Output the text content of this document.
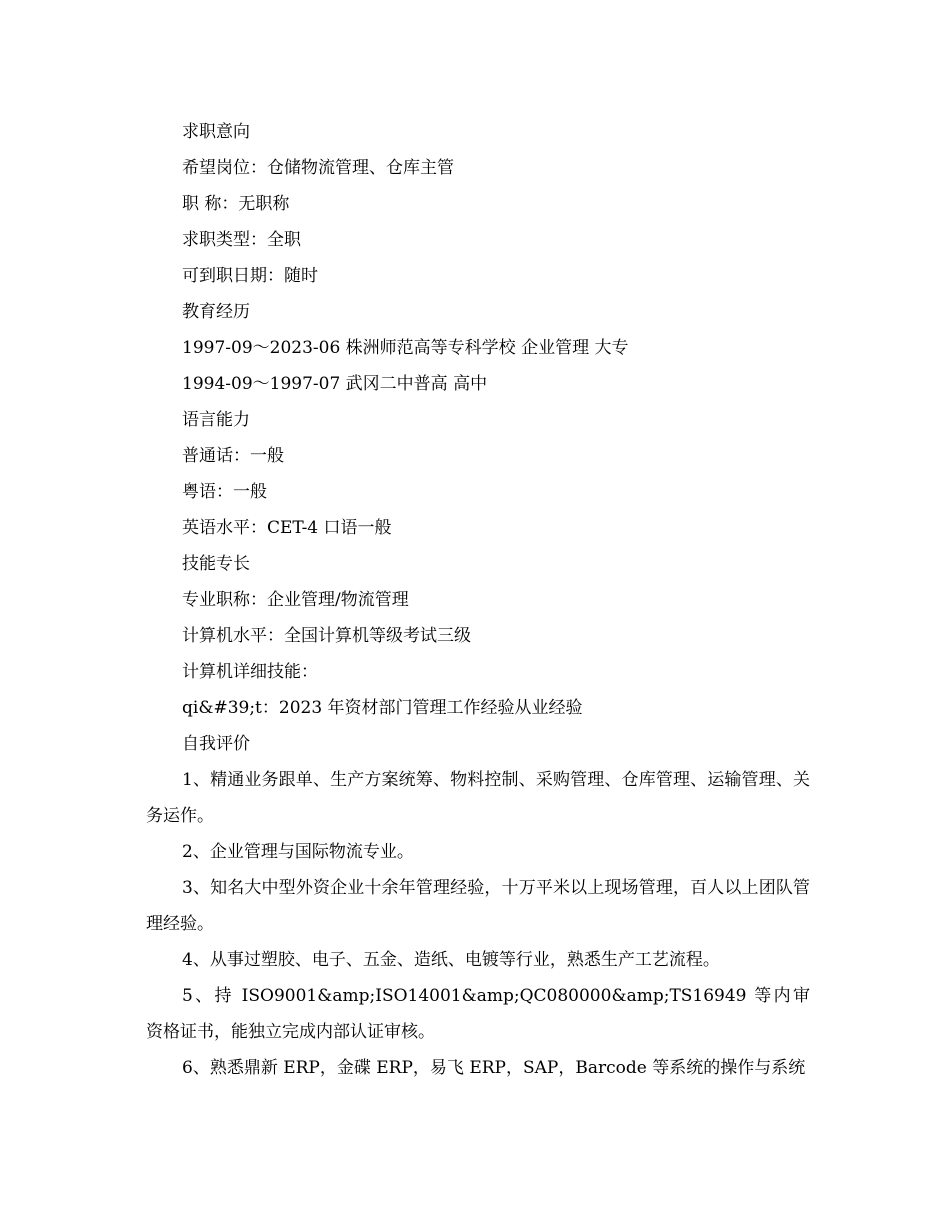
求职意向
希望岗位：仓储物流管理、仓库主管
职 称：无职称
求职类型：全职
可到职日期：随时
教育经历
1997-09～2023-06 株洲师范高等专科学校 企业管理 大专
1994-09～1997-07 武冈二中普高 高中
语言能力
普通话：一般
粤语：一般
英语水平：CET-4 口语一般
技能专长
专业职称：企业管理/物流管理
计算机水平：全国计算机等级考试三级
计算机详细技能：
qi&#39;t：2023 年资材部门管理工作经验从业经验
自我评价

1、精通业务跟单、生产方案统筹、物料控制、采购管理、仓库管理、运输管理、关务运作。

2、企业管理与国际物流专业。

3、知名大中型外资企业十余年管理经验，十万平米以上现场管理，百人以上团队管理经验。

4、从事过塑胶、电子、五金、造纸、电镀等行业，熟悉生产工艺流程。

5、持 ISO9001&amp;ISO14001&amp;QC080000&amp;TS16949 等内审资格证书，能独立完成内部认证审核。

6、熟悉鼎新 ERP，金碟 ERP，易飞 ERP，SAP，Barcode 等系统的操作与系统
